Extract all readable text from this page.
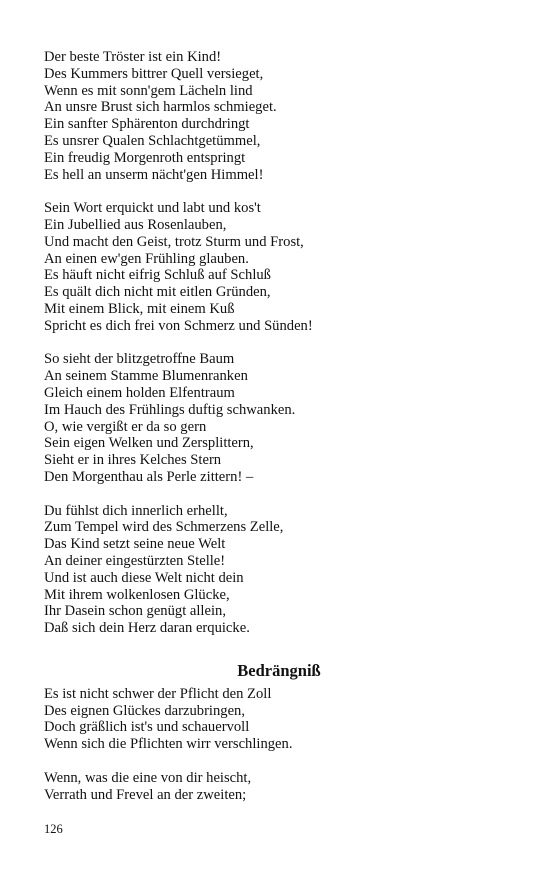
Der beste Tröster ist ein Kind!
Des Kummers bittrer Quell versieget,
Wenn es mit sonn'gem Lächeln lind
An unsre Brust sich harmlos schmieget.
Ein sanfter Sphärenton durchdringt
Es unsrer Qualen Schlachtgetümmel,
Ein freudig Morgenroth entspringt
Es hell an unserm nächt'gen Himmel!
Sein Wort erquickt und labt und kos't
Ein Jubellied aus Rosenlauben,
Und macht den Geist, trotz Sturm und Frost,
An einen ew'gen Frühling glauben.
Es häuft nicht eifrig Schluß auf Schluß
Es quält dich nicht mit eitlen Gründen,
Mit einem Blick, mit einem Kuß
Spricht es dich frei von Schmerz und Sünden!
So sieht der blitzgetroffne Baum
An seinem Stamme Blumenranken
Gleich einem holden Elfentraum
Im Hauch des Frühlings duftig schwanken.
O, wie vergißt er da so gern
Sein eigen Welken und Zersplittern,
Sieht er in ihres Kelches Stern
Den Morgenthau als Perle zittern! –
Du fühlst dich innerlich erhellt,
Zum Tempel wird des Schmerzens Zelle,
Das Kind setzt seine neue Welt
An deiner eingestürzten Stelle!
Und ist auch diese Welt nicht dein
Mit ihrem wolkenlosen Glücke,
Ihr Dasein schon genügt allein,
Daß sich dein Herz daran erquicke.
Bedrängniß
Es ist nicht schwer der Pflicht den Zoll
Des eignen Glückes darzubringen,
Doch gräßlich ist's und schauervoll
Wenn sich die Pflichten wirr verschlingen.
Wenn, was die eine von dir heischt,
Verrath und Frevel an der zweiten;
126
